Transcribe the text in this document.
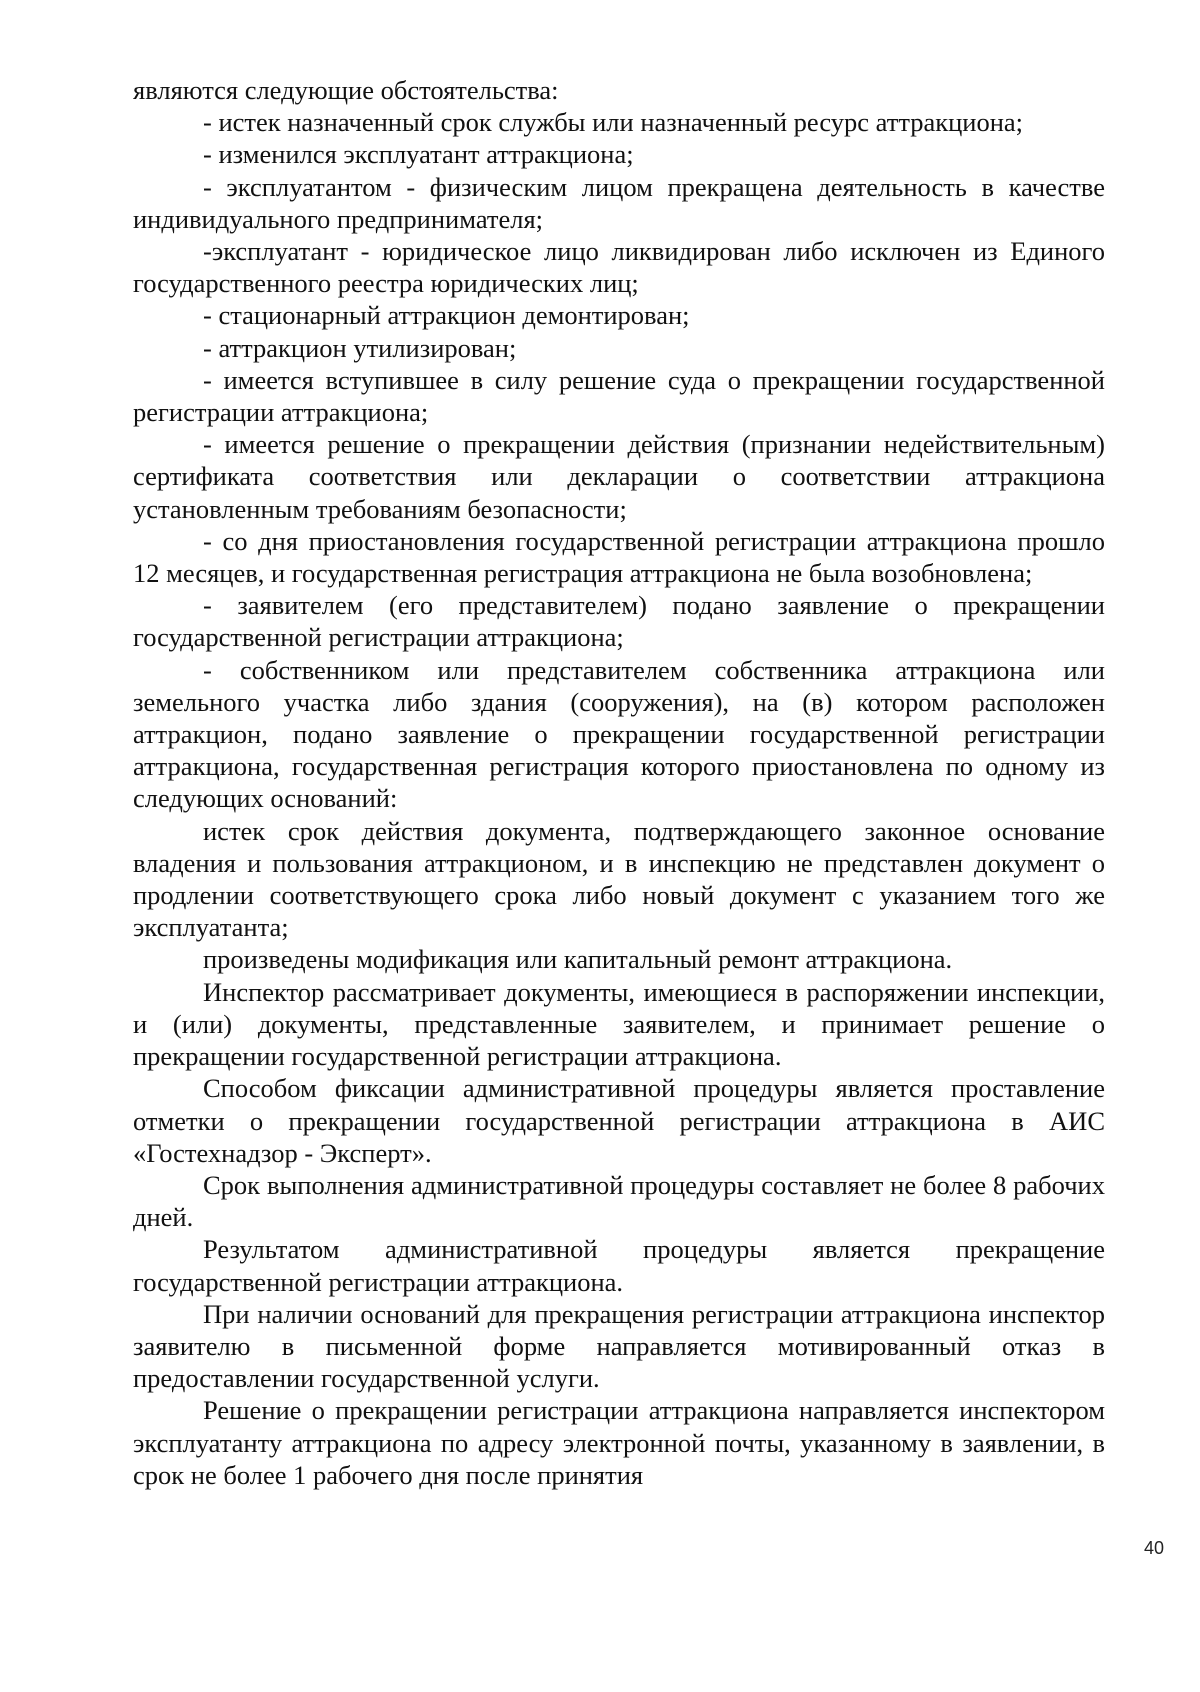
являются следующие обстоятельства:

- истек назначенный срок службы или назначенный ресурс аттракциона;

- изменился эксплуатант аттракциона;

- эксплуатантом - физическим лицом прекращена деятельность в качестве индивидуального предпринимателя;

-эксплуатант - юридическое лицо ликвидирован либо исключен из Единого государственного реестра юридических лиц;

- стационарный аттракцион демонтирован;

- аттракцион утилизирован;

- имеется вступившее в силу решение суда о прекращении государственной регистрации аттракциона;

- имеется решение о прекращении действия (признании недействительным) сертификата соответствия или декларации о соответствии аттракциона установленным требованиям безопасности;

- со дня приостановления государственной регистрации аттракциона прошло 12 месяцев, и государственная регистрация аттракциона не была возобновлена;

- заявителем (его представителем) подано заявление о прекращении государственной регистрации аттракциона;

- собственником или представителем собственника аттракциона или земельного участка либо здания (сооружения), на (в) котором расположен аттракцион, подано заявление о прекращении государственной регистрации аттракциона, государственная регистрация которого приостановлена по одному из следующих оснований:

истек срок действия документа, подтверждающего законное основание владения и пользования аттракционом, и в инспекцию не представлен документ о продлении соответствующего срока либо новый документ с указанием того же эксплуатанта;

произведены модификация или капитальный ремонт аттракциона.

Инспектор рассматривает документы, имеющиеся в распоряжении инспекции, и (или) документы, представленные заявителем, и принимает решение о прекращении государственной регистрации аттракциона.

Способом фиксации административной процедуры является проставление отметки о прекращении государственной регистрации аттракциона в АИС «Гостехнадзор - Эксперт».

Срок выполнения административной процедуры составляет не более 8 рабочих дней.

Результатом административной процедуры является прекращение государственной регистрации аттракциона.

При наличии оснований для прекращения регистрации аттракциона инспектор заявителю в письменной форме направляется мотивированный отказ в предоставлении государственной услуги.

Решение о прекращении регистрации аттракциона направляется инспектором эксплуатанту аттракциона по адресу электронной почты, указанному в заявлении, в срок не более 1 рабочего дня после принятия

40
